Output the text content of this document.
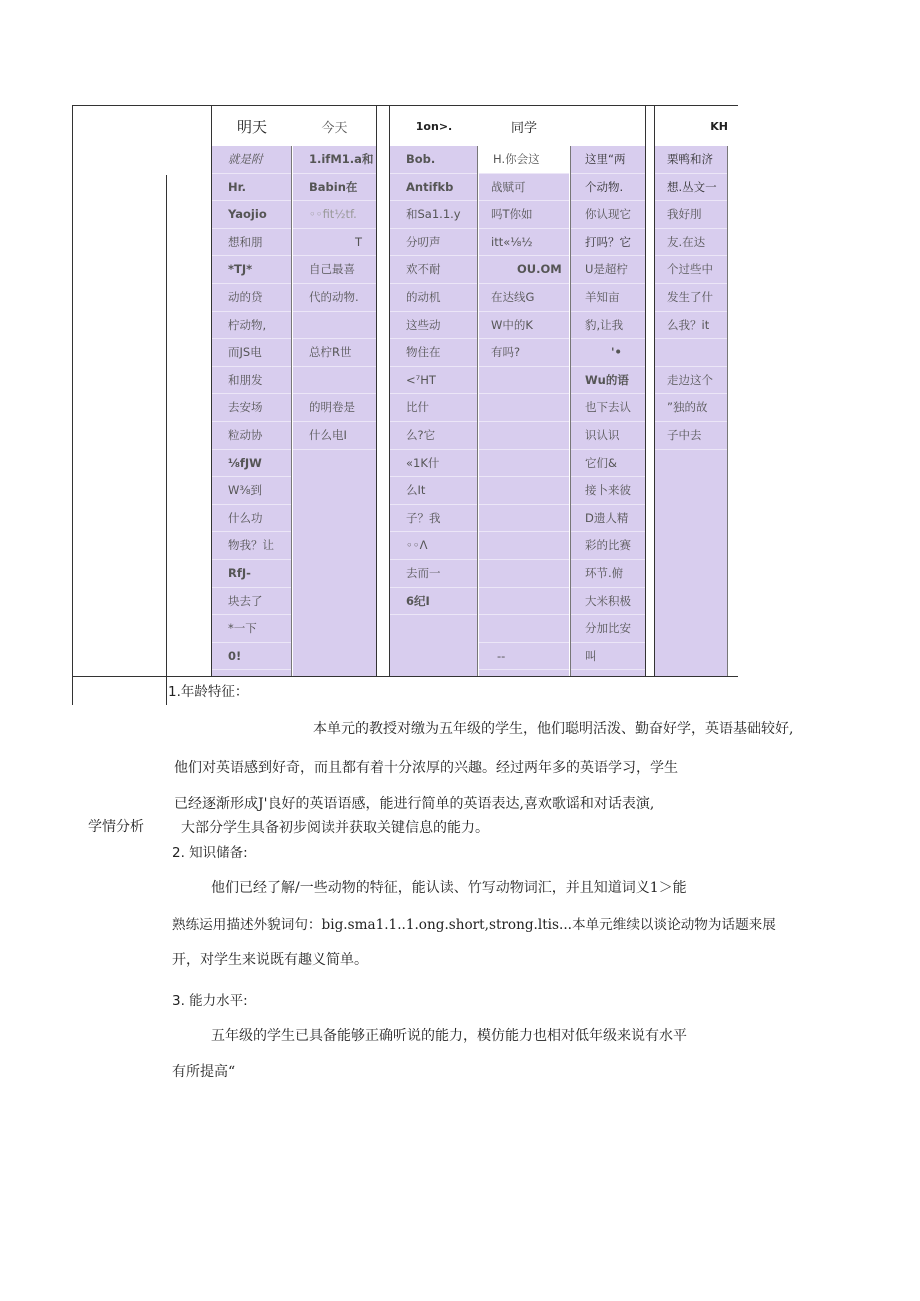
明天
就是附
Hr.
Yaojio
想和朋
*TJ*
动的贷
柠动物,
而JS电
和朋发
去安场
粒动协
⅛fJW
W⅜到
什么功
物我？让
RfJ-
块去了
*一下
0!
今天
1.ifM1.a和
Babin在
◦◦fit½tf.
T
自己最喜
代的动物.
总柠R世
的明卷是
什么电I
1on>.
Bob.
Antifkb
和Sa1.1.y
分叨声
欢不耐
的动机
这些动
物住在
<⁷HT
比什
么?它
«1K什
么It
子？我
◦◦Λ
去而一
6纪I
同学
H.你会这
战赋可
吗T你如
itt«⅛½
OU.OM
在达线G
W中的K
有吗?
--
这里“两
个动物.
你认现它
打吗？它
U是超柠
羊知亩
豹,让我
'•
Wu的语
也下去认
识认识
它们&
接卜来彼
D遗人精
彩的比赛
环节.俯
大米积极
分加比安
叫
KH
栗鸭和济
想.丛文一
我好刖
友.在达
个过些中
发生了什
么我？it
走边这个
”独的故
子中去
学情分析
1.年龄特征：
本单元的教授对缴为五年级的学生，他们聪明活泼、勤奋好学，英语基础较好,
他们对英语感到好奇，而且都有着十分浓厚的兴趣。经过两年多的英语学习，学生
已经逐渐形成J'良好的英语语感，能进行简单的英语表达,喜欢歌谣和对话表演,
大部分学生具备初步阅读并获取关键信息的能力。
2. 知识储备:
他们已经了解/一些动物的特征，能认读、竹写动物词汇，并且知道词义1＞能
熟练运用描述外貌词句：big.sma1.1..1.ong.short,strong.ltis...本单元维续以谈论动物为话题来展
开，对学生来说既有趣义简单。
3. 能力水平:
五年级的学生已具备能够正确听说的能力，模仿能力也相对低年级来说有水平
有所提高“
